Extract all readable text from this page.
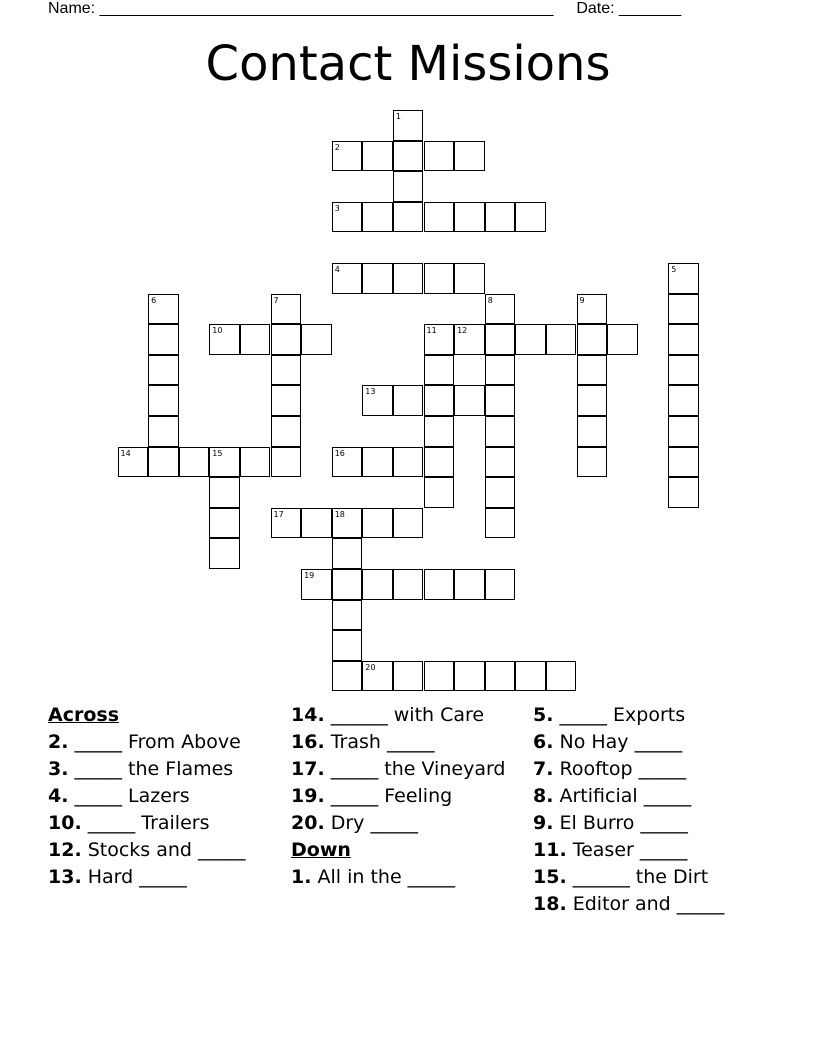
Name: ___________________________________________________ Date: _______
Contact Missions
1
2
3
4	5
6	7	8	9
10	11	12
13
14	15	16
17	18
19
20
Across
2. _____ From Above
3. _____ the Flames
4. _____ Lazers
10. _____ Trailers
12. Stocks and _____
13. Hard _____
14. ______ with Care
16. Trash _____
17. _____ the Vineyard
19. _____ Feeling
20. Dry _____
Down
1. All in the _____
5. _____ Exports
6. No Hay _____
7. Rooftop _____
8. Artificial _____
9. El Burro _____
11. Teaser _____
15. ______ the Dirt
18. Editor and _____
